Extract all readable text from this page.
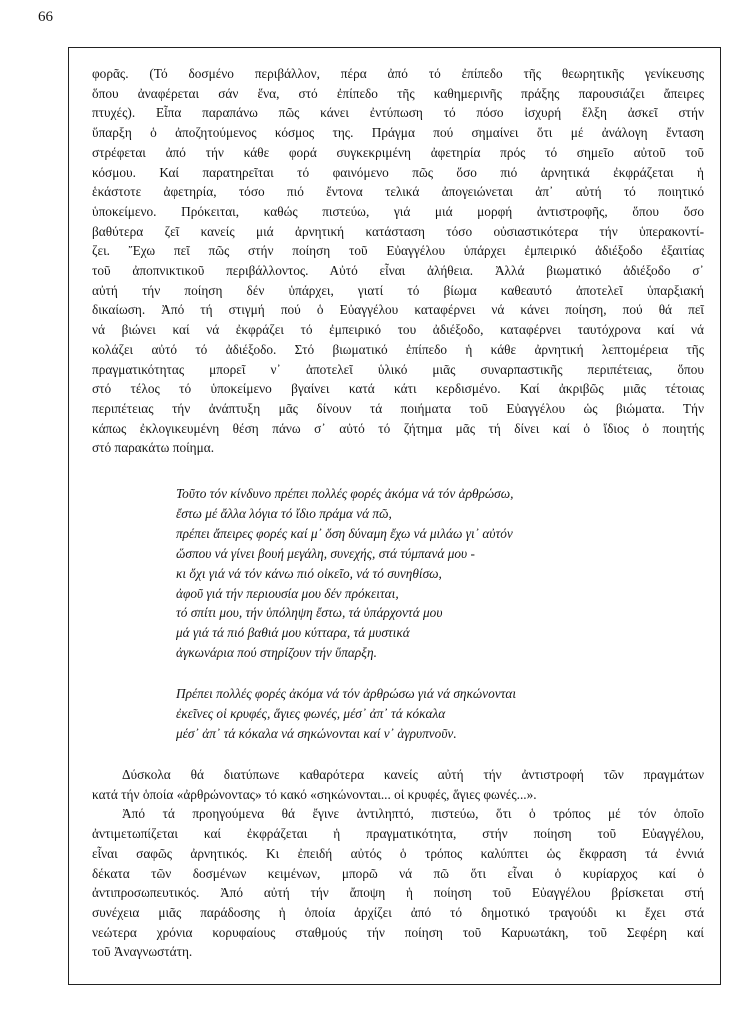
66

φορᾶς. (Τό δοσμένο περιβάλλον, πέρα ἀπό τό ἐπίπεδο τῆς θεωρητικῆς γενίκευσης

ὅπου ἀναφέρεται σάν ἕνα, στό ἐπίπεδο τῆς καθημερινῆς πράξης παρουσιάζει ἄπειρες

πτυχές). Εἶπα παραπάνω πῶς κάνει ἐντύπωση τό πόσο ἰσχυρή ἕλξη ἀσκεῖ στήν

ὕπαρξη ὁ ἀποζητούμενος κόσμος της. Πράγμα πού σημαίνει ὅτι μέ ἀνάλογη ἔνταση

στρέφεται ἀπό τήν κάθε φορά συγκεκριμένη ἀφετηρία πρός τό σημεῖο αὐτοῦ τοῦ

κόσμου. Καί παρατηρεῖται τό φαινόμενο πῶς ὅσο πιό ἀρνητικά ἐκφράζεται ἡ

ἑκάστοτε ἀφετηρία, τόσο πιό ἔντονα τελικά ἀπογειώνεται ἀπ᾿ αὐτή τό ποιητικό

ὑποκείμενο. Πρόκειται, καθώς πιστεύω, γιά μιά μορφή ἀντιστροφῆς, ὅπου ὅσο

βαθύτερα ζεῖ κανείς μιά ἀρνητική κατάσταση τόσο οὐσιαστικότερα τήν ὑπερακοντί-

ζει. Ἔχω πεῖ πῶς στήν ποίηση τοῦ Εὐαγγέλου ὑπάρχει ἐμπειρικό ἀδιέξοδο ἐξαιτίας

τοῦ ἀποπνικτικοῦ περιβάλλοντος. Αὐτό εἶναι ἀλήθεια. Ἀλλά βιωματικό ἀδιέξοδο σ᾿

αὐτή τήν ποίηση δέν ὑπάρχει, γιατί τό βίωμα καθεαυτό ἀποτελεῖ ὑπαρξιακή

δικαίωση. Ἀπό τή στιγμή πού ὁ Εὐαγγέλου καταφέρνει νά κάνει ποίηση, πού θά πεῖ

νά βιώνει καί νά ἐκφράζει τό ἐμπειρικό του ἀδιέξοδο, καταφέρνει ταυτόχρονα καί νά

κολάζει αὐτό τό ἀδιέξοδο. Στό βιωματικό ἐπίπεδο ἡ κάθε ἀρνητική λεπτομέρεια τῆς

πραγματικότητας μπορεῖ ν᾿ ἀποτελεῖ ὑλικό μιᾶς συναρπαστικῆς περιπέτειας, ὅπου

στό τέλος τό ὑποκείμενο βγαίνει κατά κάτι κερδισμένο. Καί ἀκριβῶς μιᾶς τέτοιας

περιπέτειας τήν ἀνάπτυξη μᾶς δίνουν τά ποιήματα τοῦ Εὐαγγέλου ὡς βιώματα. Τήν

κάπως ἐκλογικευμένη θέση πάνω σ᾿ αὐτό τό ζήτημα μᾶς τή δίνει καί ὁ ἴδιος ὁ ποιητής

στό παρακάτω ποίημα.

Τοῦτο τόν κίνδυνο πρέπει πολλές φορές ἀκόμα νά τόν ἀρθρώσω,
ἔστω μέ ἄλλα λόγια τό ἴδιο πράμα νά πῶ,
πρέπει ἄπειρες φορές καί μ᾿ ὅση δύναμη ἔχω νά μιλάω γι᾿ αὐτόν
ὥσπου νά γίνει βουή μεγάλη, συνεχής, στά τύμπανά μου -
κι ὄχι γιά νά τόν κάνω πιό οἰκεῖο, νά τό συνηθίσω,
ἀφοῦ γιά τήν περιουσία μου δέν πρόκειται,
τό σπίτι μου, τήν ὑπόληψη ἔστω, τά ὑπάρχοντά μου
μά γιά τά πιό βαθιά μου κύτταρα, τά μυστικά
ἀγκωνάρια πού στηρίζουν τήν ὕπαρξη.
Πρέπει πολλές φορές ἀκόμα νά τόν ἀρθρώσω γιά νά σηκώνονται
ἐκεῖνες οἱ κρυφές, ἅγιες φωνές, μέσ᾿ ἀπ᾿ τά κόκαλα
μέσ᾿ ἀπ᾿ τά κόκαλα νά σηκώνονται καί ν᾿ ἀγρυπνοῦν.

Δύσκολα θά διατύπωνε καθαρότερα κανείς αὐτή τήν ἀντιστροφή τῶν πραγμάτων

κατά τήν ὁποία «ἀρθρώνοντας» τό κακό «σηκώνονται... οἱ κρυφές, ἅγιες φωνές...».

Ἀπό τά προηγούμενα θά ἔγινε ἀντιληπτό, πιστεύω, ὅτι ὁ τρόπος μέ τόν ὁποῖο

ἀντιμετωπίζεται καί ἐκφράζεται ἡ πραγματικότητα, στήν ποίηση τοῦ Εὐαγγέλου,

εἶναι σαφῶς ἀρνητικός. Κι ἐπειδή αὐτός ὁ τρόπος καλύπτει ὡς ἔκφραση τά ἐννιά

δέκατα τῶν δοσμένων κειμένων, μπορῶ νά πῶ ὅτι εἶναι ὁ κυρίαρχος καί ὁ

ἀντιπροσωπευτικός. Ἀπό αὐτή τήν ἄποψη ἡ ποίηση τοῦ Εὐαγγέλου βρίσκεται στή

συνέχεια μιᾶς παράδοσης ἡ ὁποία ἀρχίζει ἀπό τό δημοτικό τραγούδι κι ἔχει στά

νεώτερα χρόνια κορυφαίους σταθμούς τήν ποίηση τοῦ Καρυωτάκη, τοῦ Σεφέρη καί

τοῦ Ἀναγνωστάτη.
